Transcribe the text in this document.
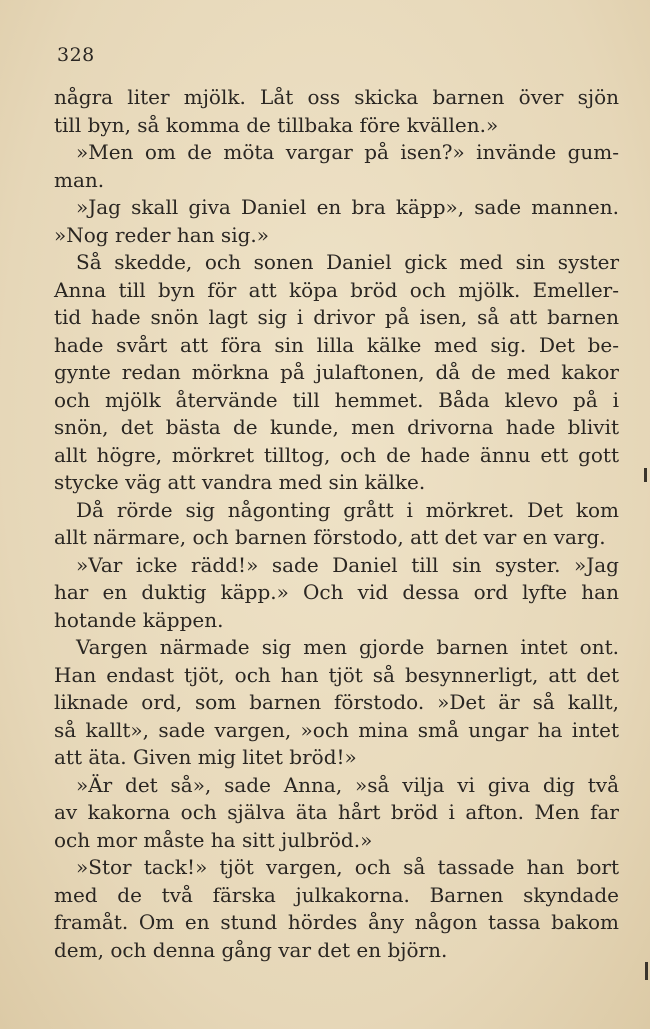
328
några liter mjölk. Låt oss skicka barnen över sjön
till byn, så komma de tillbaka före kvällen.»
»Men om de möta vargar på isen?» invände gum-
man.
»Jag skall giva Daniel en bra käpp», sade mannen.
»Nog reder han sig.»
Så skedde, och sonen Daniel gick med sin syster
Anna till byn för att köpa bröd och mjölk. Emeller-
tid hade snön lagt sig i drivor på isen, så att barnen
hade svårt att föra sin lilla kälke med sig. Det be-
gynte redan mörkna på julaftonen, då de med kakor
och mjölk återvände till hemmet. Båda klevo på i
snön, det bästa de kunde, men drivorna hade blivit
allt högre, mörkret tilltog, och de hade ännu ett gott
stycke väg att vandra med sin kälke.
Då rörde sig någonting grått i mörkret. Det kom
allt närmare, och barnen förstodo, att det var en varg.
»Var icke rädd!» sade Daniel till sin syster. »Jag
har en duktig käpp.» Och vid dessa ord lyfte han
hotande käppen.
Vargen närmade sig men gjorde barnen intet ont.
Han endast tjöt, och han tjöt så besynnerligt, att det
liknade ord, som barnen förstodo. »Det är så kallt,
så kallt», sade vargen, »och mina små ungar ha intet
att äta. Given mig litet bröd!»
»Är det så», sade Anna, »så vilja vi giva dig två
av kakorna och själva äta hårt bröd i afton. Men far
och mor måste ha sitt julbröd.»
»Stor tack!» tjöt vargen, och så tassade han bort
med de två färska julkakorna. Barnen skyndade
framåt. Om en stund hördes åny någon tassa bakom
dem, och denna gång var det en björn.
